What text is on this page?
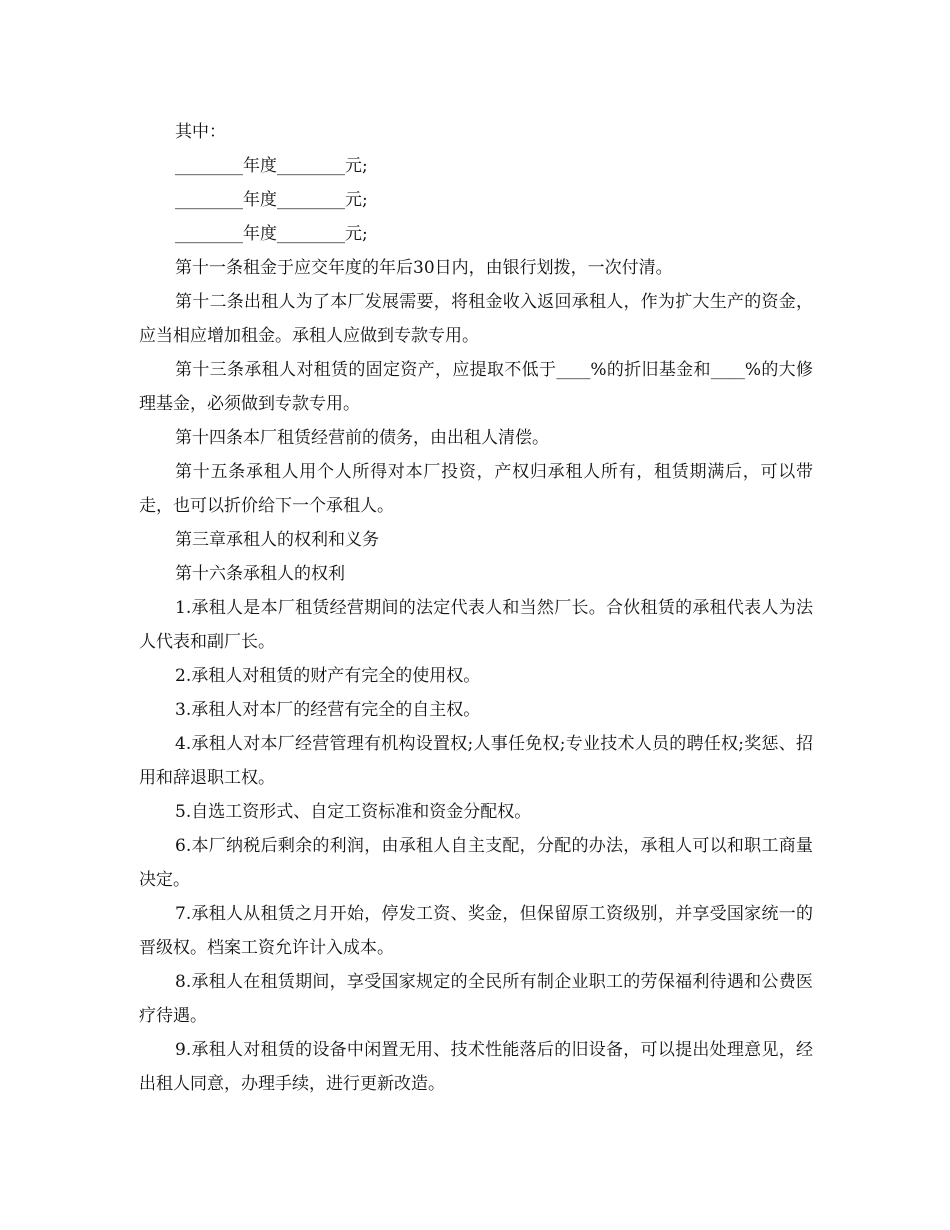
其中：

________年度________元;

________年度________元;

________年度________元;

第十一条租金于应交年度的年后30日内，由银行划拨，一次付清。

第十二条出租人为了本厂发展需要，将租金收入返回承租人，作为扩大生产的资金，应当相应增加租金。承租人应做到专款专用。

第十三条承租人对租赁的固定资产，应提取不低于____%的折旧基金和____%的大修理基金，必须做到专款专用。

第十四条本厂租赁经营前的债务，由出租人清偿。

第十五条承租人用个人所得对本厂投资，产权归承租人所有，租赁期满后，可以带走，也可以折价给下一个承租人。

第三章承租人的权利和义务

第十六条承租人的权利

1.承租人是本厂租赁经营期间的法定代表人和当然厂长。合伙租赁的承租代表人为法人代表和副厂长。

2.承租人对租赁的财产有完全的使用权。

3.承租人对本厂的经营有完全的自主权。

4.承租人对本厂经营管理有机构设置权;人事任免权;专业技术人员的聘任权;奖惩、招用和辞退职工权。

5.自选工资形式、自定工资标准和资金分配权。

6.本厂纳税后剩余的利润，由承租人自主支配，分配的办法，承租人可以和职工商量决定。

7.承租人从租赁之月开始，停发工资、奖金，但保留原工资级别，并享受国家统一的晋级权。档案工资允许计入成本。

8.承租人在租赁期间，享受国家规定的全民所有制企业职工的劳保福利待遇和公费医疗待遇。

9.承租人对租赁的设备中闲置无用、技术性能落后的旧设备，可以提出处理意见，经出租人同意，办理手续，进行更新改造。
